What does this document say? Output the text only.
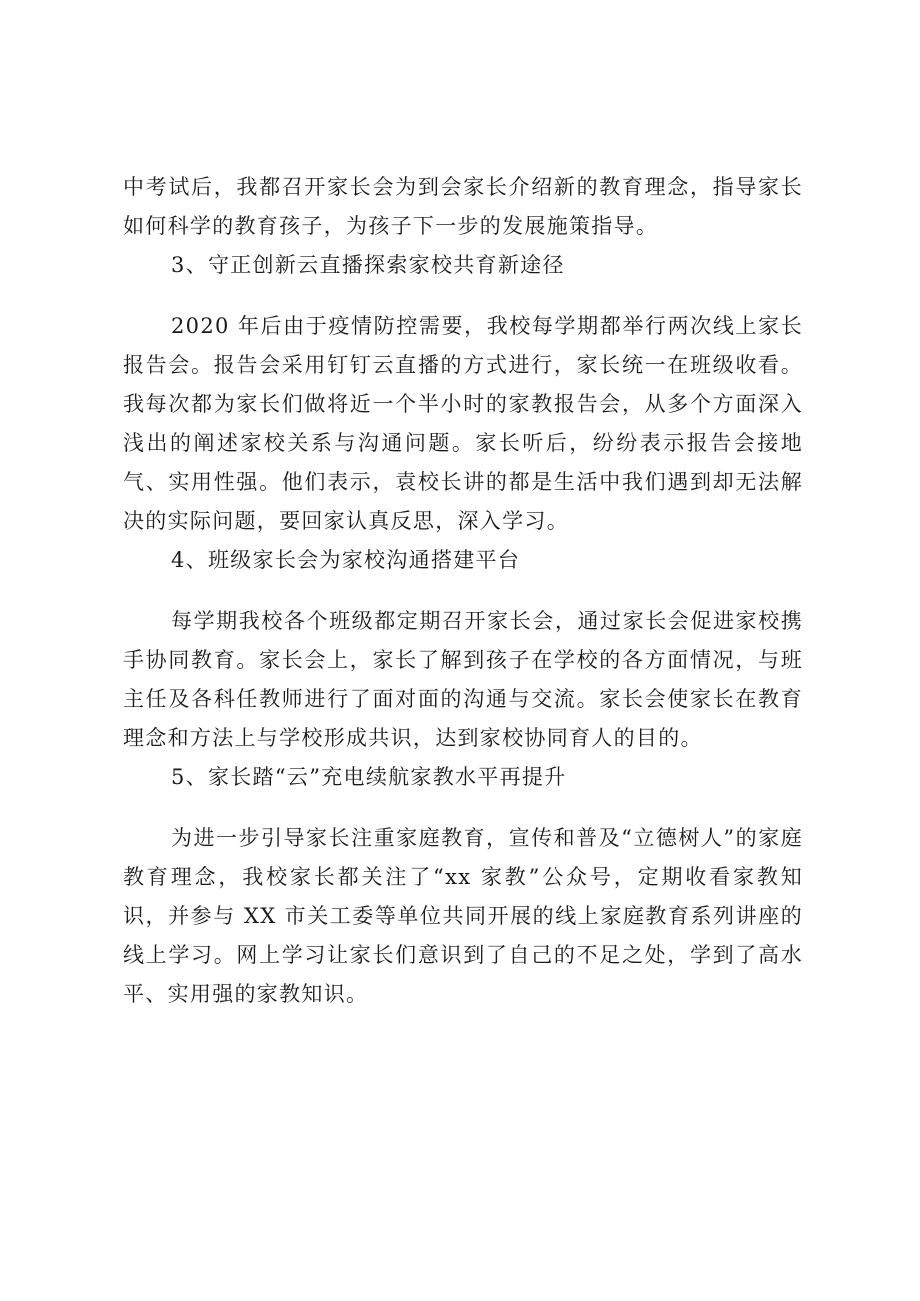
中考试后，我都召开家长会为到会家长介绍新的教育理念，指导家长如何科学的教育孩子，为孩子下一步的发展施策指导。

3、守正创新云直播探索家校共育新途径

2020 年后由于疫情防控需要，我校每学期都举行两次线上家长报告会。报告会采用钉钉云直播的方式进行，家长统一在班级收看。我每次都为家长们做将近一个半小时的家教报告会，从多个方面深入浅出的阐述家校关系与沟通问题。家长听后，纷纷表示报告会接地气、实用性强。他们表示，袁校长讲的都是生活中我们遇到却无法解决的实际问题，要回家认真反思，深入学习。

4、班级家长会为家校沟通搭建平台

每学期我校各个班级都定期召开家长会，通过家长会促进家校携手协同教育。家长会上，家长了解到孩子在学校的各方面情况，与班主任及各科任教师进行了面对面的沟通与交流。家长会使家长在教育理念和方法上与学校形成共识，达到家校协同育人的目的。

5、家长踏“云”充电续航家教水平再提升

为进一步引导家长注重家庭教育，宣传和普及“立德树人”的家庭教育理念，我校家长都关注了“xx 家教”公众号，定期收看家教知识，并参与 XX 市关工委等单位共同开展的线上家庭教育系列讲座的线上学习。网上学习让家长们意识到了自己的不足之处，学到了高水平、实用强的家教知识。
